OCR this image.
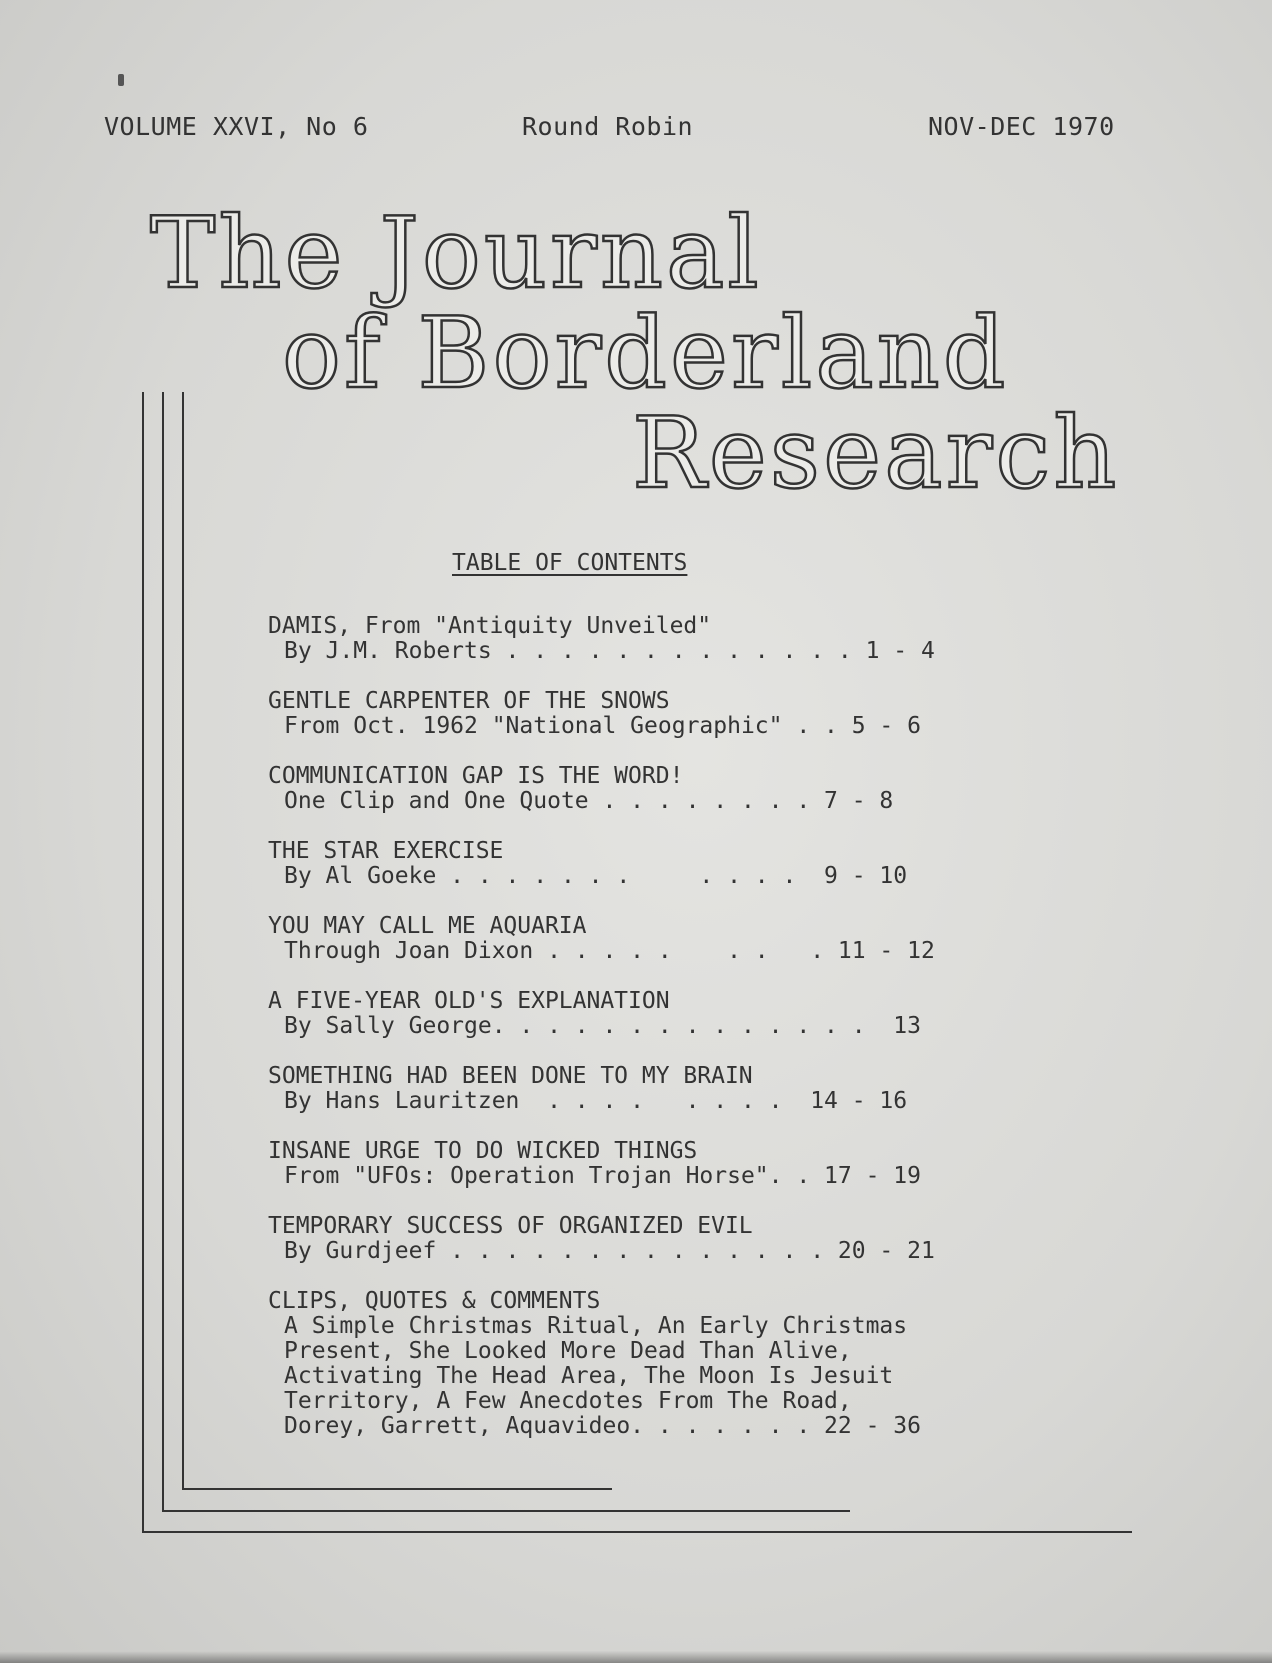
VOLUME XXVI, No 6	Round Robin	NOV-DEC 1970
The Journal
of Borderland
Research
TABLE OF CONTENTS
DAMIS, From "Antiquity Unveiled"
By J.M. Roberts . . . . . . . . . . . . . 1 - 4
GENTLE CARPENTER OF THE SNOWS
From Oct. 1962 "National Geographic" . . 5 - 6
COMMUNICATION GAP IS THE WORD!
One Clip and One Quote . . . . . . . . 7 - 8
THE STAR EXERCISE
By Al Goeke . . . . . . .     . . . .  9 - 10
YOU MAY CALL ME AQUARIA
Through Joan Dixon . . . . .    . .   . 11 - 12
A FIVE-YEAR OLD'S EXPLANATION
By Sally George. . . . . . . . . . . . . .  13
SOMETHING HAD BEEN DONE TO MY BRAIN
By Hans Lauritzen  . . . .   . . . .  14 - 16
INSANE URGE TO DO WICKED THINGS
From "UFOs: Operation Trojan Horse". . 17 - 19
TEMPORARY SUCCESS OF ORGANIZED EVIL
By Gurdjeef . . . . . . . . . . . . . . 20 - 21
CLIPS, QUOTES & COMMENTS
A Simple Christmas Ritual, An Early Christmas
Present, She Looked More Dead Than Alive,
Activating The Head Area, The Moon Is Jesuit
Territory, A Few Anecdotes From The Road,
Dorey, Garrett, Aquavideo. . . . . . . 22 - 36
